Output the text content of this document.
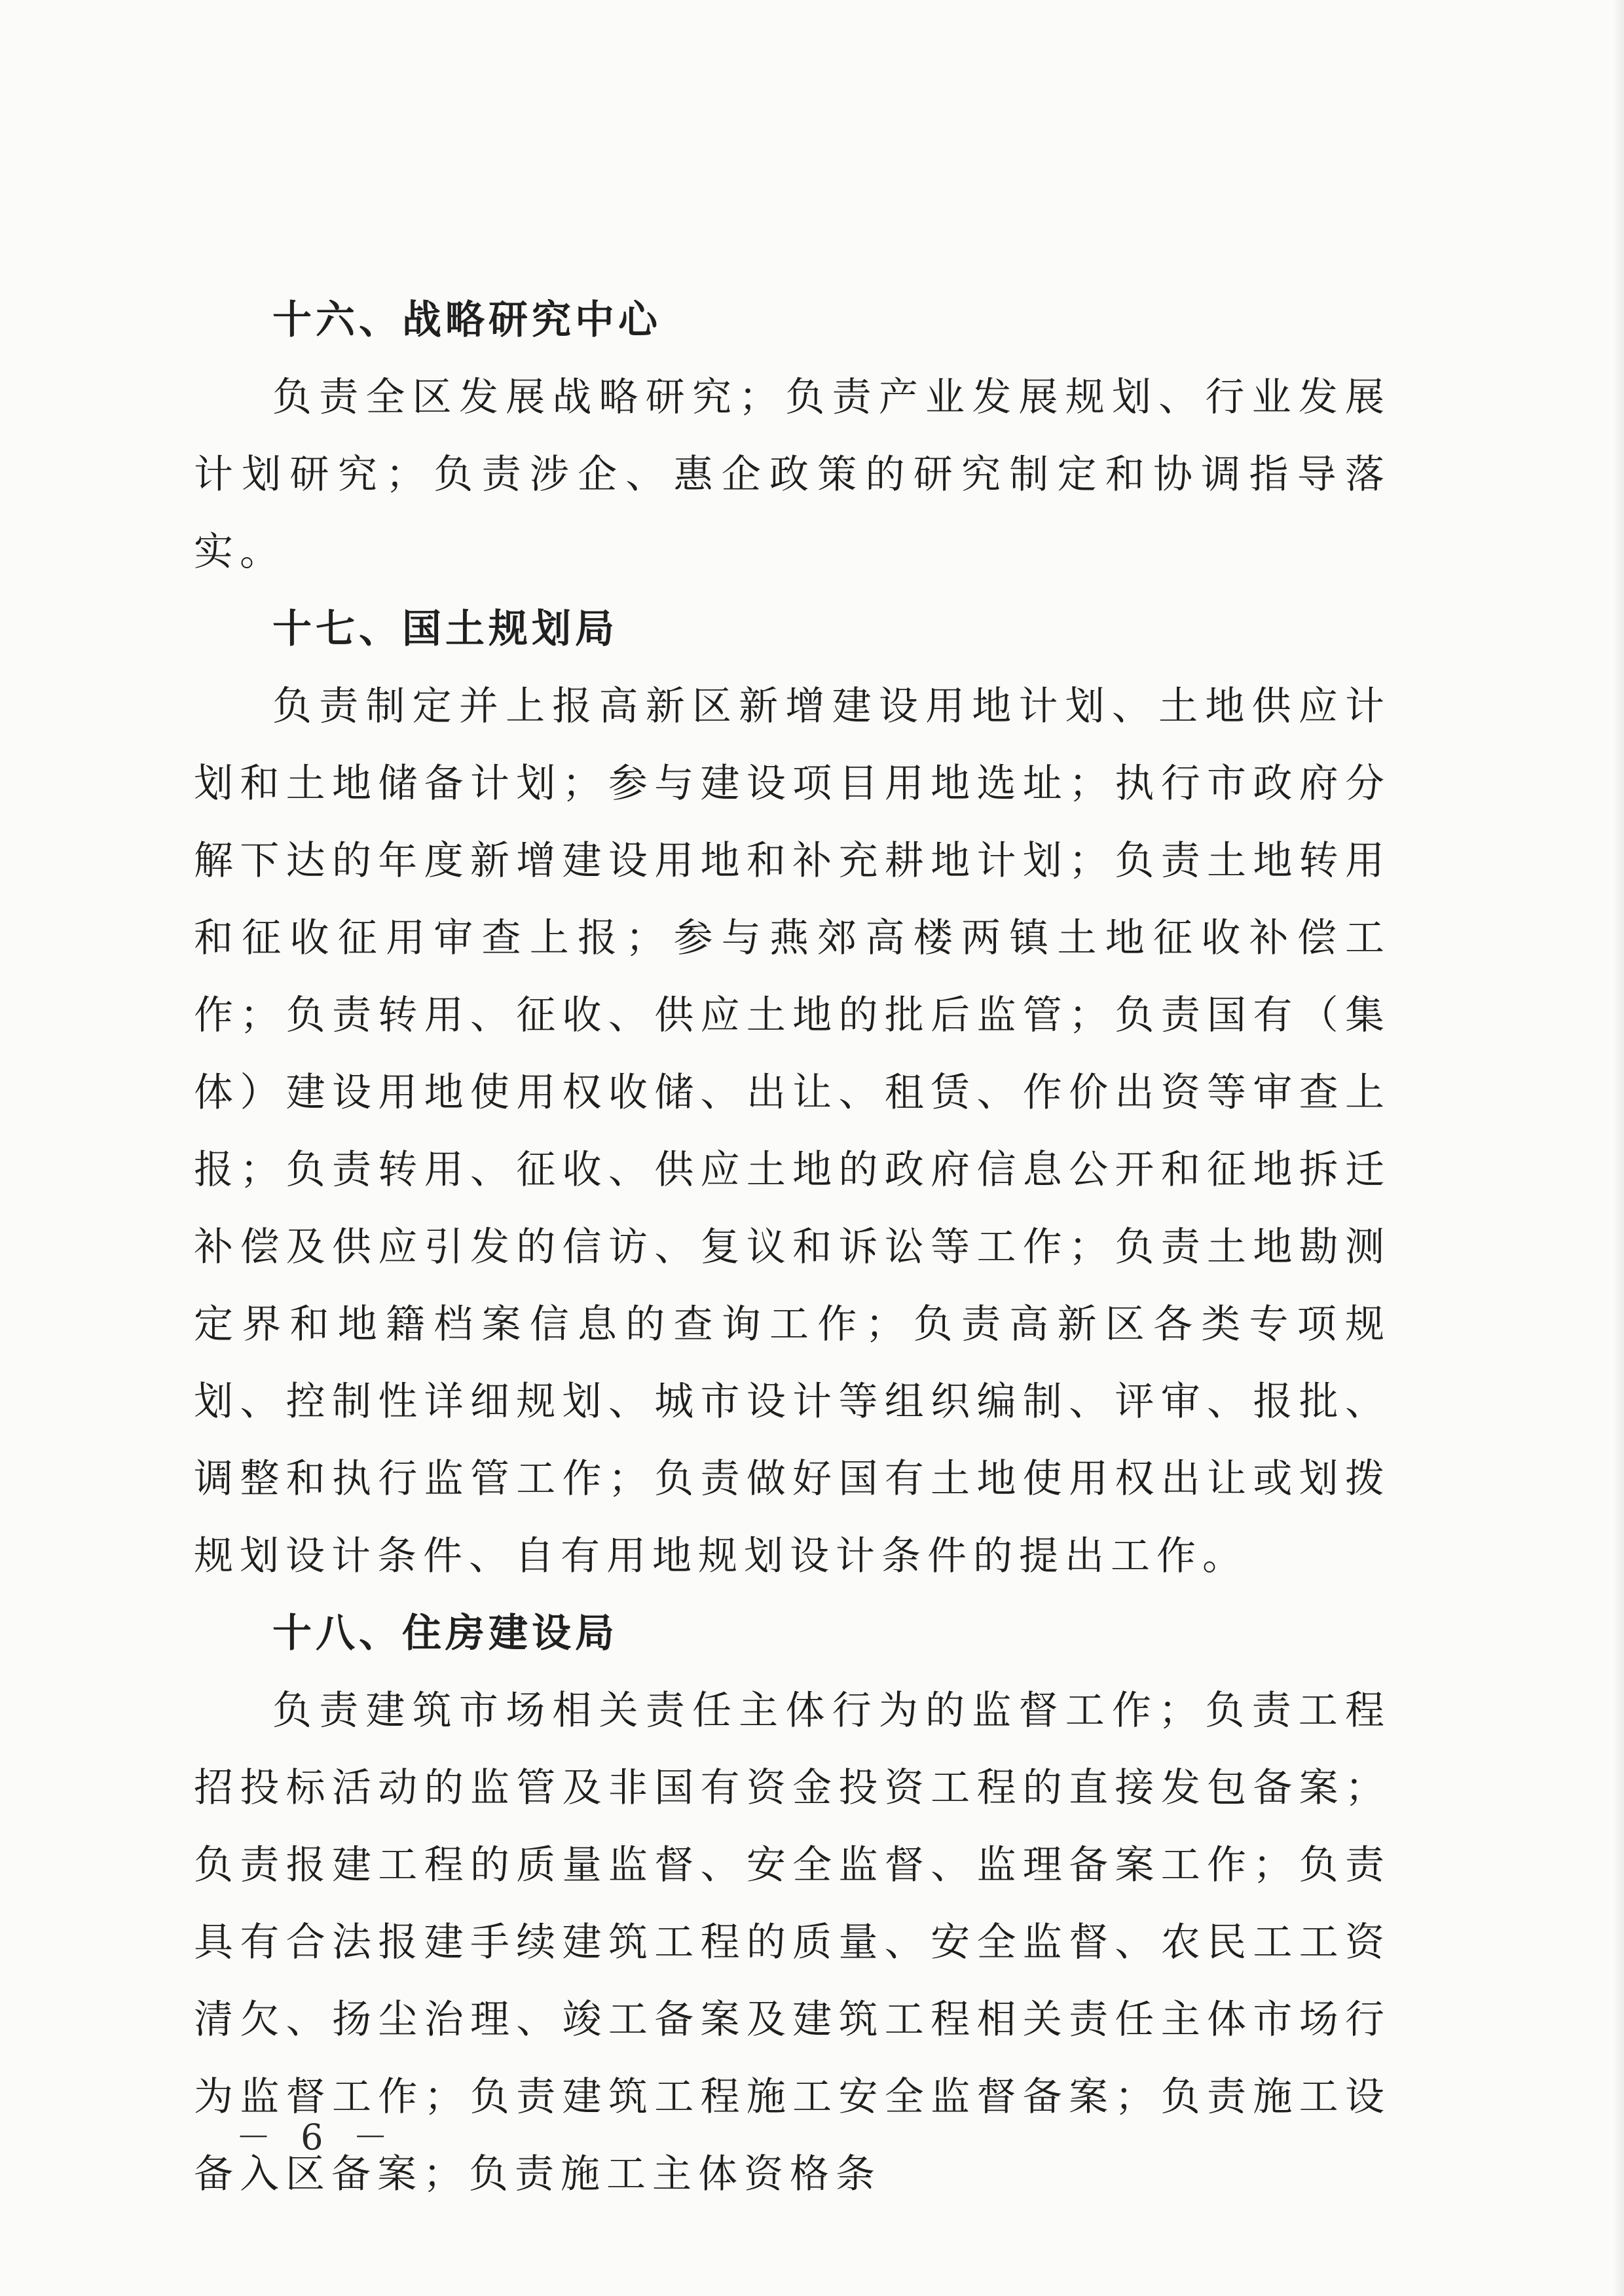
十六、战略研究中心

负责全区发展战略研究；负责产业发展规划、行业发展计划研究；负责涉企、惠企政策的研究制定和协调指导落实。

十七、国土规划局

负责制定并上报高新区新增建设用地计划、土地供应计划和土地储备计划；参与建设项目用地选址；执行市政府分解下达的年度新增建设用地和补充耕地计划；负责土地转用和征收征用审查上报；参与燕郊高楼两镇土地征收补偿工作；负责转用、征收、供应土地的批后监管；负责国有（集体）建设用地使用权收储、出让、租赁、作价出资等审查上报；负责转用、征收、供应土地的政府信息公开和征地拆迁补偿及供应引发的信访、复议和诉讼等工作；负责土地勘测定界和地籍档案信息的查询工作；负责高新区各类专项规划、控制性详细规划、城市设计等组织编制、评审、报批、调整和执行监管工作；负责做好国有土地使用权出让或划拨规划设计条件、自有用地规划设计条件的提出工作。

十八、住房建设局

负责建筑市场相关责任主体行为的监督工作；负责工程招投标活动的监管及非国有资金投资工程的直接发包备案；负责报建工程的质量监督、安全监督、监理备案工作；负责具有合法报建手续建筑工程的质量、安全监督、农民工工资清欠、扬尘治理、竣工备案及建筑工程相关责任主体市场行为监督工作；负责建筑工程施工安全监督备案；负责施工设备入区备案；负责施工主体资格条

－ 6 －
